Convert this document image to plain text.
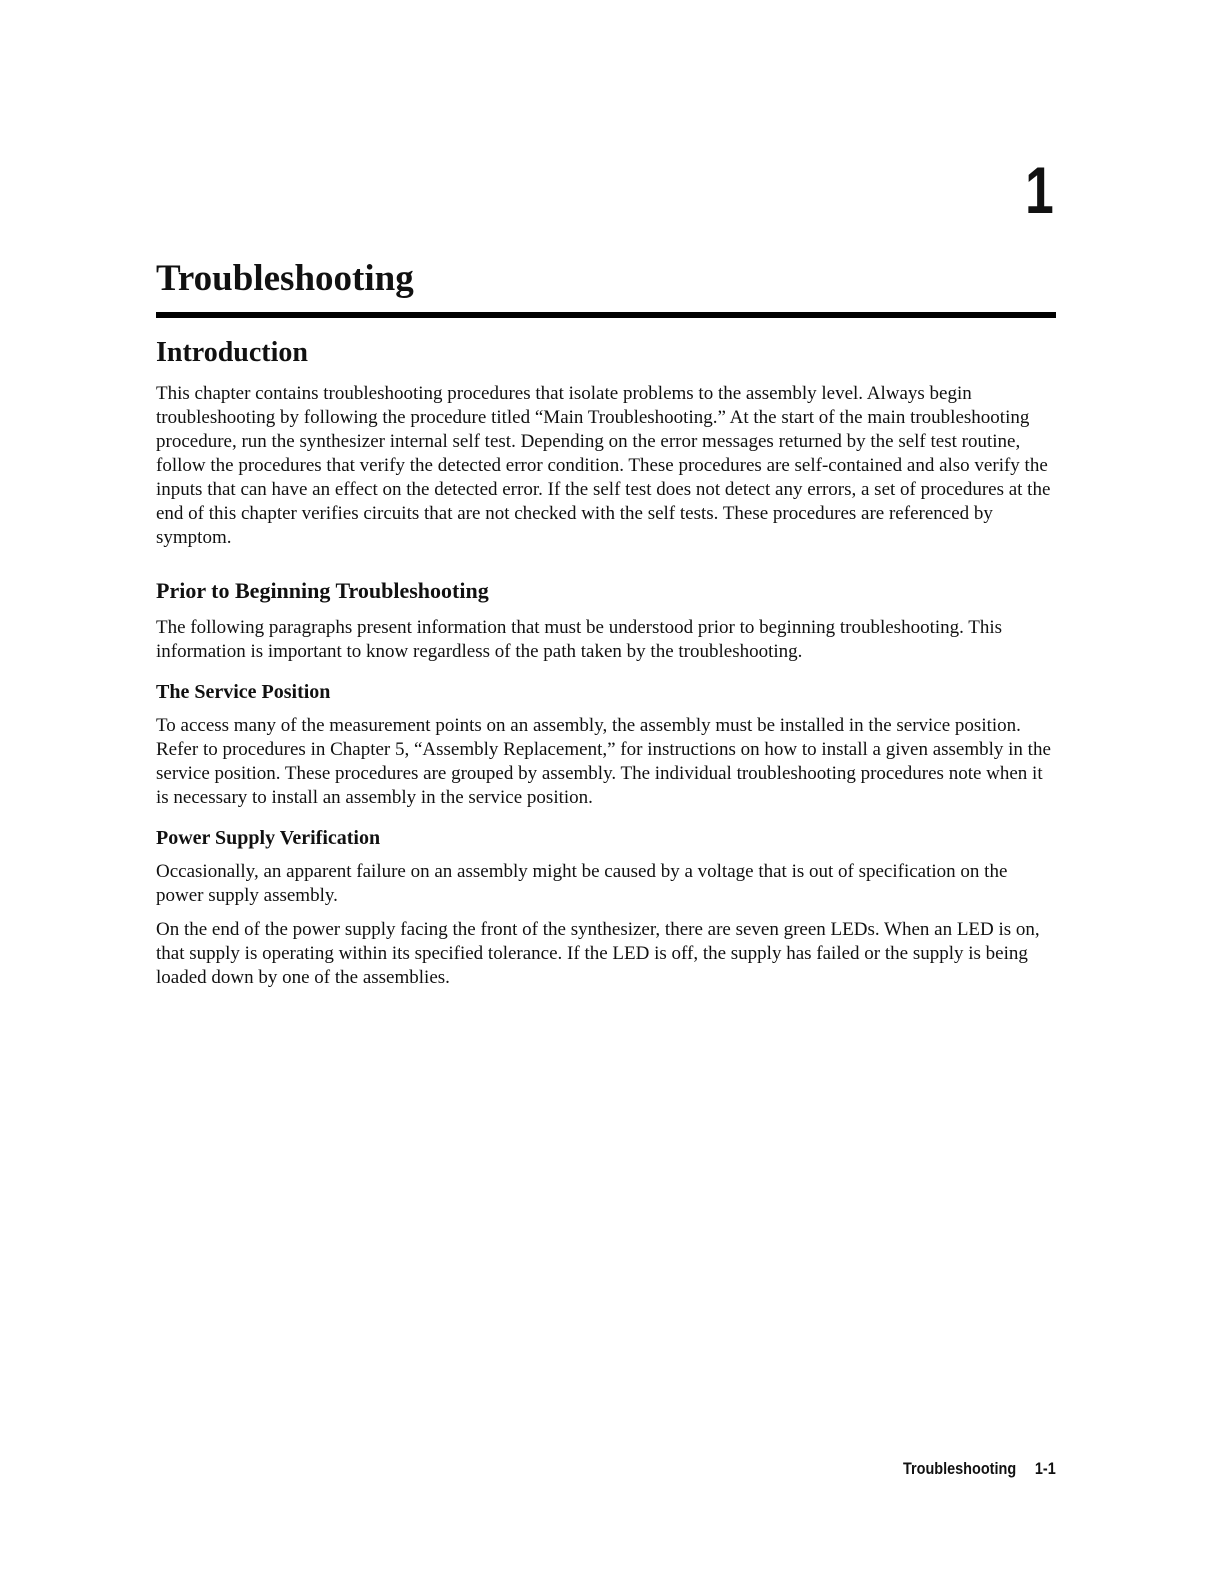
1
Troubleshooting
Introduction

This chapter contains troubleshooting procedures that isolate problems to the assembly level. Always begin troubleshooting by following the procedure titled “Main Troubleshooting.” At the start of the main troubleshooting procedure, run the synthesizer internal self test. Depending on the error messages returned by the self test routine, follow the procedures that verify the detected error condition. These procedures are self-contained and also verify the inputs that can have an effect on the detected error. If the self test does not detect any errors, a set of procedures at the end of this chapter verifies circuits that are not checked with the self tests. These procedures are referenced by symptom.

Prior to Beginning Troubleshooting

The following paragraphs present information that must be understood prior to beginning troubleshooting. This information is important to know regardless of the path taken by the troubleshooting.

The Service Position

To access many of the measurement points on an assembly, the assembly must be installed in the service position. Refer to procedures in Chapter 5, “Assembly Replacement,” for instructions on how to install a given assembly in the service position. These procedures are grouped by assembly. The individual troubleshooting procedures note when it is necessary to install an assembly in the service position.

Power Supply Verification

Occasionally, an apparent failure on an assembly might be caused by a voltage that is out of specification on the power supply assembly.

On the end of the power supply facing the front of the synthesizer, there are seven green LEDs. When an LED is on, that supply is operating within its specified tolerance. If the LED is off, the supply has failed or the supply is being loaded down by one of the assemblies.

Troubleshooting 1-1
